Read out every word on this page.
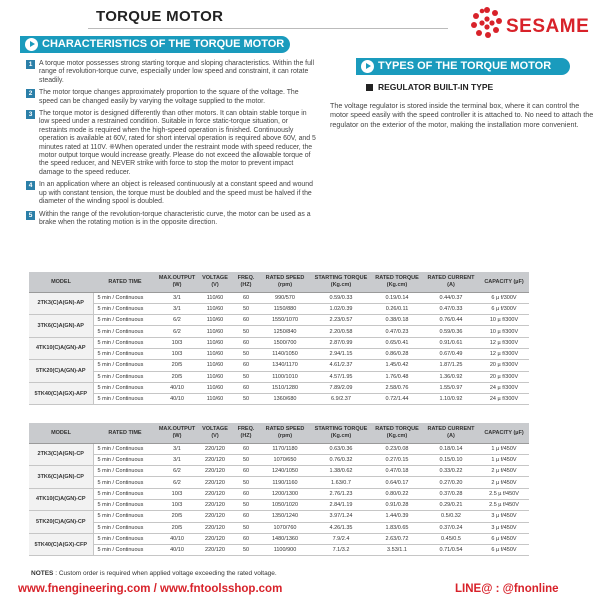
TORQUE MOTOR	SESAME
CHARACTERISTICS OF THE TORQUE MOTOR
1 A torque motor possesses strong starting torque and sloping characteristics. Within the full range of revolution-torque curve, especially under low speed and constraint, it can rotate steadily.
2 The motor torque changes approximately proportion to the square of the voltage. The speed can be changed easily by varying the voltage supplied to the motor.
3 The torque motor is designed differently than other motors. It can obtain stable torque in low speed under a restrained condition. Suitable in force static-torque situation, or restraints mode is required when the high-speed operation is finished. Continuously operation is available at 60V, rated for short interval operation is required above 60V, and 5 minutes rated at 110V. ※When operated under the restraint mode with speed reducer, the motor output torque would increase greatly. Please do not exceed the allowable torque of the speed reducer, and NEVER strike with force to stop the motor to prevent impact damage to the speed reducer.
4 In an application where an object is released continuously at a constant speed and wound up with constant tension, the torque must be doubled and the speed must be halved if the diameter of the winding spool is doubled.
5 Within the range of the revolution-torque characteristic curve, the motor can be used as a brake when the rotating motion is in the opposite direction.
TYPES OF THE TORQUE MOTOR
REGULATOR BUILT-IN TYPE
The voltage regulator is stored inside the terminal box, where it can control the motor speed easily with the speed controller it is attached to. No need to attach the regulator on the exterior of the motor, making the installation more convenient.
MODEL	RATED TIME	MAX.OUTPUT (W)	VOLTAGE (V)	FREQ. (HZ)	RATED SPEED (rpm)	STARTING TORQUE (Kg.cm)	RATED TORQUE (Kg.cm)	RATED CURRENT (A)	CAPACITY (µF)
2TK3(C)A(GN)-AP	5 min / Continuous	3/1	110/60	60	990/570	0.59/0.33	0.19/0.14	0.44/0.37	6 µ f/300V
	5 min / Continuous	3/1	110/60	50	1150/880	1.02/0.39	0.26/0.11	0.47/0.33	6 µ f/300V
3TK6(C)A(GN)-AP	5 min / Continuous	6/2	110/60	60	1550/1070	2.23/0.57	0.38/0.18	0.76/0.44	10 µ f/300V
	5 min / Continuous	6/2	110/60	50	1250/840	2.20/0.58	0.47/0.23	0.59/0.36	10 µ f/300V
4TK10(C)A(GN)-AP	5 min / Continuous	10/3	110/60	60	1500/700	2.87/0.99	0.65/0.41	0.91/0.61	12 µ f/300V
	5 min / Continuous	10/3	110/60	50	1140/1050	2.94/1.15	0.86/0.28	0.67/0.49	12 µ f/300V
5TK20(C)A(GN)-AP	5 min / Continuous	20/5	110/60	60	1340/1170	4.61/2.37	1.45/0.42	1.87/1.25	20 µ f/300V
	5 min / Continuous	20/5	110/60	50	1100/1010	4.57/1.95	1.76/0.48	1.36/0.92	20 µ f/300V
5TK40(C)A(GX)-AFP	5 min / Continuous	40/10	110/60	60	1510/1280	7.89/2.09	2.58/0.76	1.55/0.97	24 µ f/300V
	5 min / Continuous	40/10	110/60	50	1360/680	6.9/2.37	0.72/1.44	1.10/0.92	24 µ f/300V
MODEL	RATED TIME	MAX.OUTPUT (W)	VOLTAGE (V)	FREQ. (HZ)	RATED SPEED (rpm)	STARTING TORQUE (Kg.cm)	RATED TORQUE (Kg.cm)	RATED CURRENT (A)	CAPACITY (µF)
2TK3(C)A(GN)-CP	5 min / Continuous	3/1	220/120	60	1170/1180	0.63/0.36	0.23/0.08	0.18/0.14	1 µ f/450V
	5 min / Continuous	3/1	220/120	50	1070/650	0.76/0.32	0.27/0.15	0.15/0.10	1 µ f/450V
3TK6(C)A(GN)-CP	5 min / Continuous	6/2	220/120	60	1240/1050	1.38/0.62	0.47/0.18	0.33/0.22	2 µ f/450V
	5 min / Continuous	6/2	220/120	50	1190/1160	1.63/0.7	0.64/0.17	0.27/0.20	2 µ f/450V
4TK10(C)A(GN)-CP	5 min / Continuous	10/3	220/120	60	1200/1300	2.76/1.23	0.80/0.22	0.37/0.28	2.5 µ f/450V
	5 min / Continuous	10/3	220/120	50	1050/1020	2.84/1.19	0.91/0.28	0.29/0.21	2.5 µ f/450V
5TK20(C)A(GN)-CP	5 min / Continuous	20/5	220/120	60	1350/1240	3.97/1.24	1.44/0.39	0.5/0.32	3 µ f/450V
	5 min / Continuous	20/5	220/120	50	1070/760	4.26/1.35	1.83/0.65	0.37/0.24	3 µ f/450V
5TK40(C)A(GX)-CFP	5 min / Continuous	40/10	220/120	60	1480/1360	7.9/2.4	2.63/0.72	0.45/0.5	6 µ f/450V
	5 min / Continuous	40/10	220/120	50	1100/900	7.1/3.2	3.53/1.1	0.71/0.54	6 µ f/450V
NOTES : Custom order is required when applied voltage exceeding the rated voltage.
www.fnengineering.com / www.fntoolsshop.com	LINE@ : @fnonline
